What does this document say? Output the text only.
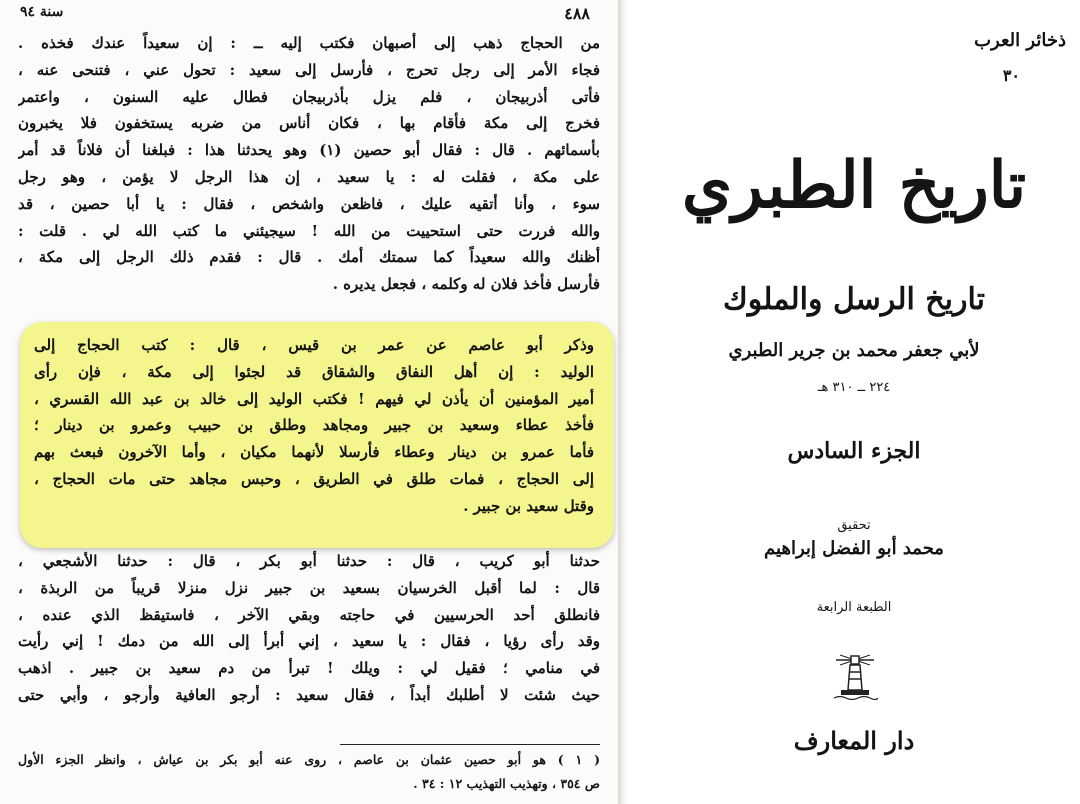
سنة ٩٤	٤٨٨
من الحجاج ذهب إلى أصبهان فكتب إليه ــ : إن سعيداً عندك فخذه .
فجاء الأمر إلى رجل تحرج ، فأرسل إلى سعيد : تحول عني ، فتنحى عنه ،
فأتى أذربيجان ، فلم يزل بأذربيجان فطال عليه السنون ، واعتمر
فخرج إلى مكة فأقام بها ، فكان أناس من ضربه يستخفون فلا يخبرون
بأسمائهم . قال : فقال أبو حصين (١) وهو يحدثنا هذا : فبلغنا أن فلاناً قد أمر
على مكة ، فقلت له : يا سعيد ، إن هذا الرجل لا يؤمن ، وهو رجل
سوء ، وأنا أتقيه عليك ، فاظعن واشخص ، فقال : يا أبا حصين ، قد
والله فررت حتى استحييت من الله ! سيجيئني ما كتب الله لي . قلت :
أظنك والله سعيداً كما سمتك أمك . قال : فقدم ذلك الرجل إلى مكة ،
فأرسل فأخذ فلان له وكلمه ، فجعل يديره .
وذكر أبو عاصم عن عمر بن قيس ، قال : كتب الحجاج إلى
الوليد : إن أهل النفاق والشقاق قد لجئوا إلى مكة ، فإن رأى
أمير المؤمنين أن يأذن لي فيهم ! فكتب الوليد إلى خالد بن عبد الله القسري ،
فأخذ عطاء وسعيد بن جبير ومجاهد وطلق بن حبيب وعمرو بن دينار ؛
فأما عمرو بن دينار وعطاء فأرسلا لأنهما مكيان ، وأما الآخرون فبعث بهم
إلى الحجاج ، فمات طلق في الطريق ، وحبس مجاهد حتى مات الحجاج ،
وقتل سعيد بن جبير .
حدثنا أبو كريب ، قال : حدثنا أبو بكر ، قال : حدثنا الأشجعي ،
قال : لما أقبل الخرسيان بسعيد بن جبير نزل منزلا قريباً من الربذة ،
فانطلق أحد الحرسيين في حاجته وبقي الآخر ، فاستيقظ الذي عنده ،
وقد رأى رؤيا ، فقال : يا سعيد ، إني أبرأ إلى الله من دمك ! إني رأيت
في منامي ؛ فقيل لي : ويلك ! تبرأ من دم سعيد بن جبير . اذهب
حيث شئت لا أطلبك أبداً ، فقال سعيد : أرجو العافية وأرجو ، وأبي حتى
( ١ ) هو أبو حصين عثمان بن عاصم ، روى عنه أبو بكر بن عياش ، وانظر الجزء الأول
ص ٣٥٤ ، وتهذيب التهذيب ١٢ : ٣٤ .
ذخائر العرب
٣٠
تاريخ الطبري
تاريخ الرسل والملوك
لأبي جعفر محمد بن جرير الطبري
٢٢٤ ــ ٣١٠ هـ
الجزء السادس
تحقيق
محمد أبو الفضل إبراهيم
الطبعة الرابعة
دار المعارف
